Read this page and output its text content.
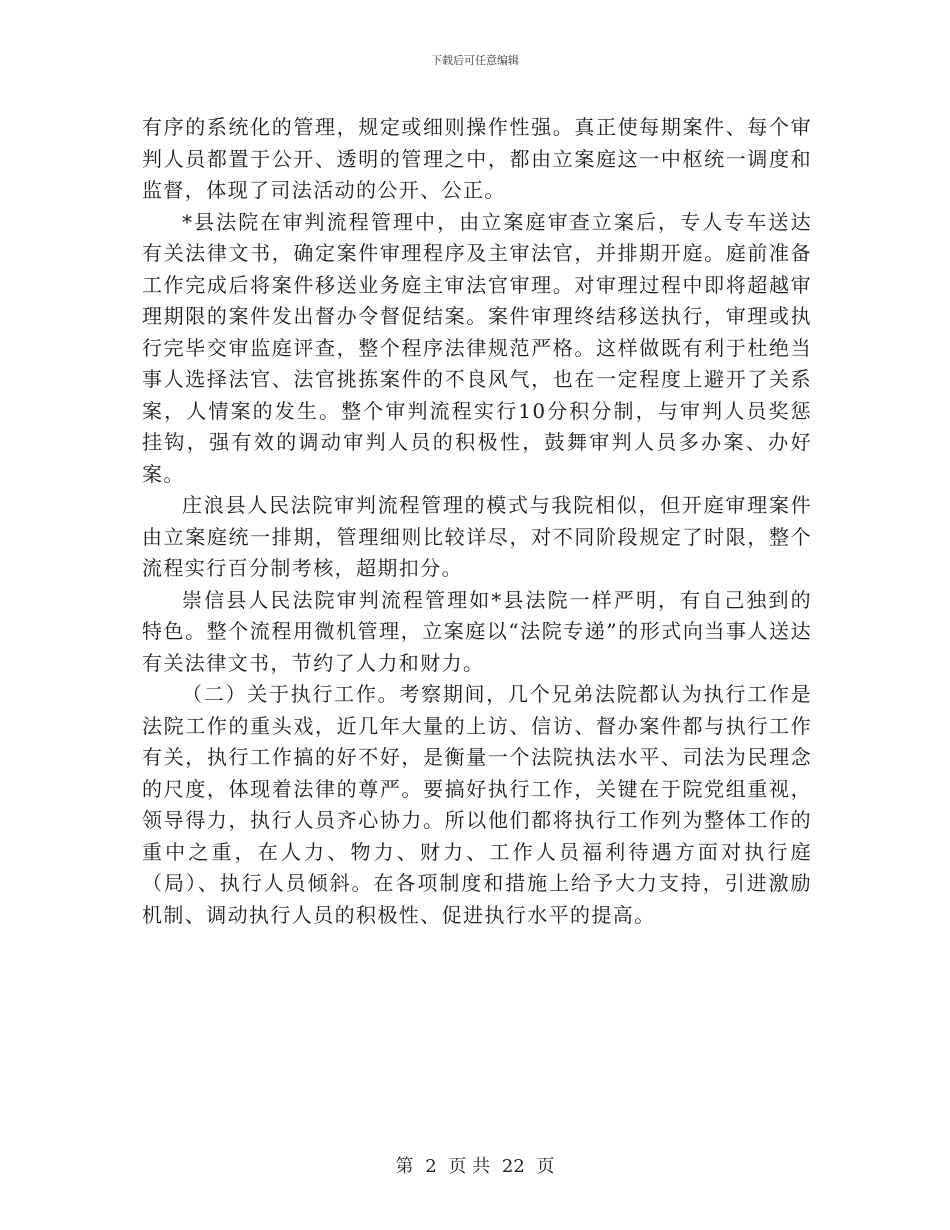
下载后可任意编辑

有序的系统化的管理，规定或细则操作性强。真正使每期案件、每个审判人员都置于公开、透明的管理之中，都由立案庭这一中枢统一调度和监督，体现了司法活动的公开、公正。

*县法院在审判流程管理中，由立案庭审查立案后，专人专车送达有关法律文书，确定案件审理程序及主审法官，并排期开庭。庭前准备工作完成后将案件移送业务庭主审法官审理。对审理过程中即将超越审理期限的案件发出督办令督促结案。案件审理终结移送执行，审理或执行完毕交审监庭评查，整个程序法律规范严格。这样做既有利于杜绝当事人选择法官、法官挑拣案件的不良风气，也在一定程度上避开了关系案，人情案的发生。整个审判流程实行10分积分制，与审判人员奖惩挂钩，强有效的调动审判人员的积极性，鼓舞审判人员多办案、办好案。

庄浪县人民法院审判流程管理的模式与我院相似，但开庭审理案件由立案庭统一排期，管理细则比较详尽，对不同阶段规定了时限，整个流程实行百分制考核，超期扣分。

崇信县人民法院审判流程管理如*县法院一样严明，有自己独到的特色。整个流程用微机管理，立案庭以“法院专递”的形式向当事人送达有关法律文书，节约了人力和财力。

（二）关于执行工作。考察期间，几个兄弟法院都认为执行工作是法院工作的重头戏，近几年大量的上访、信访、督办案件都与执行工作有关，执行工作搞的好不好，是衡量一个法院执法水平、司法为民理念的尺度，体现着法律的尊严。要搞好执行工作，关键在于院党组重视，领导得力，执行人员齐心协力。所以他们都将执行工作列为整体工作的重中之重，在人力、物力、财力、工作人员福利待遇方面对执行庭（局）、执行人员倾斜。在各项制度和措施上给予大力支持，引进激励机制、调动执行人员的积极性、促进执行水平的提高。

第 2 页 共 22 页
